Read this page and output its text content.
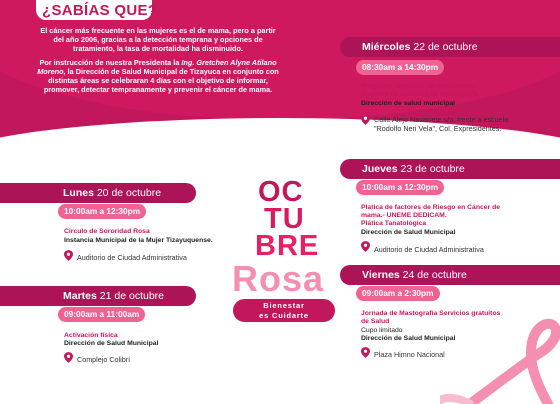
¿SABÍAS QUE?

El cáncer más frecuente en las mujeres es el de mama, pero a partir del año 2006, gracias a la detección temprana y opciones de tratamiento, la tasa de mortalidad ha disminuido.

Por instrucción de nuestra Presidenta la Ing. Gretchen Alyne Atilano Moreno, la Dirección de Salud Municipal de Tizayuca en conjunto con distintas áreas se celebraran 4 días con el objetivo de informar, promover, detectar tempranamente y prevenir el cáncer de mama.

Miércoles 22 de octubre
08:30am a 14:30pm
Programa bienestar en movimiento.
Registro de solicitud de mastografía.
Dirección de salud municipal
Calle Alejo Navarrete s/n, frente a escuela
"Rodolfo Neri Vela", Col. Expresidentes.
Lunes 20 de octubre
10:00am a 12:30pm
Circulo de Sororidad Rosa
Instancia Municipal de la Mujer Tizayuquense.
Auditorio de Ciudad Administrativa
Martes 21 de octubre
09:00am a 11:00am
Activación física
Dirección de Salud Municipal
Complejo Colibrí
OC
TU
BRE
Rosa
Bienestar
es Cuidarte
Jueves 23 de octubre
10:00am a 12:30pm
Platica de factores de Riesgo en Cáncer de
mama.- UNEME DEDICAM.
Plática Tanatológica
Dirección de Salud Municipal
Auditorio de Ciudad Administrativa
Viernes 24 de octubre
09:00am a 2:30pm
Jornada de Mastografía Servicios gratuitos
de Salud
Cupo limitado
Dirección de Salud Municipal
Plaza Himno Nacional
